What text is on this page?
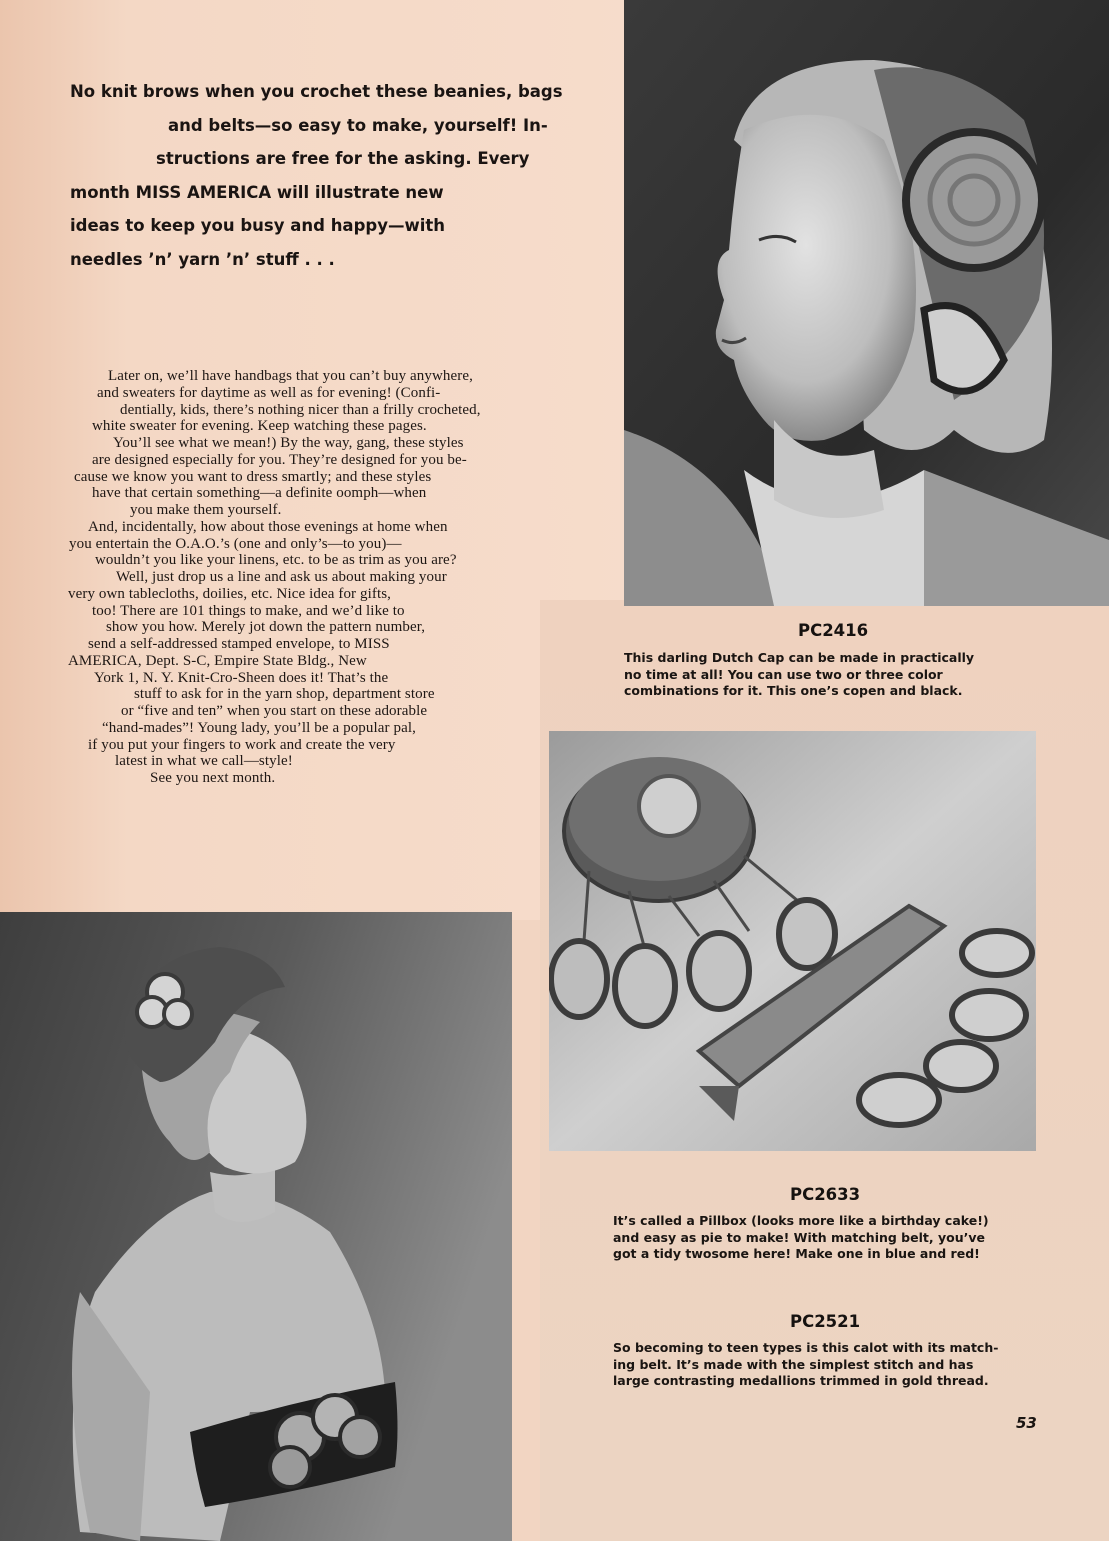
No knit brows when you crochet these beanies, bags
and belts—so easy to make, yourself! In-
structions are free for the asking. Every
month MISS AMERICA will illustrate new
ideas to keep you busy and happy—with
needles ’n’ yarn ’n’ stuff . . .
Later on, we’ll have handbags that you can’t buy anywhere,
and sweaters for daytime as well as for evening! (Confi-
dentially, kids, there’s nothing nicer than a frilly crocheted,
white sweater for evening. Keep watching these pages.
You’ll see what we mean!) By the way, gang, these styles
are designed especially for you. They’re designed for you be-
cause we know you want to dress smartly; and these styles
have that certain something—a definite oomph—when
you make them yourself.
And, incidentally, how about those evenings at home when
you entertain the O.A.O.’s (one and only’s—to you)—
wouldn’t you like your linens, etc. to be as trim as you are?
Well, just drop us a line and ask us about making your
very own tablecloths, doilies, etc. Nice idea for gifts,
too! There are 101 things to make, and we’d like to
show you how. Merely jot down the pattern number,
send a self-addressed stamped envelope, to MISS
AMERICA, Dept. S-C, Empire State Bldg., New
York 1, N. Y. Knit-Cro-Sheen does it! That’s the
stuff to ask for in the yarn shop, department store
or “five and ten” when you start on these adorable
“hand-mades”! Young lady, you’ll be a popular pal,
if you put your fingers to work and create the very
latest in what we call—style!
See you next month.
PC2416
This darling Dutch Cap can be made in practically
no time at all! You can use two or three color
combinations for it. This one’s copen and black.
PC2633
It’s called a Pillbox (looks more like a birthday cake!)
and easy as pie to make! With matching belt, you’ve
got a tidy twosome here! Make one in blue and red!
PC2521
So becoming to teen types is this calot with its match-
ing belt. It’s made with the simplest stitch and has
large contrasting medallions trimmed in gold thread.
53
